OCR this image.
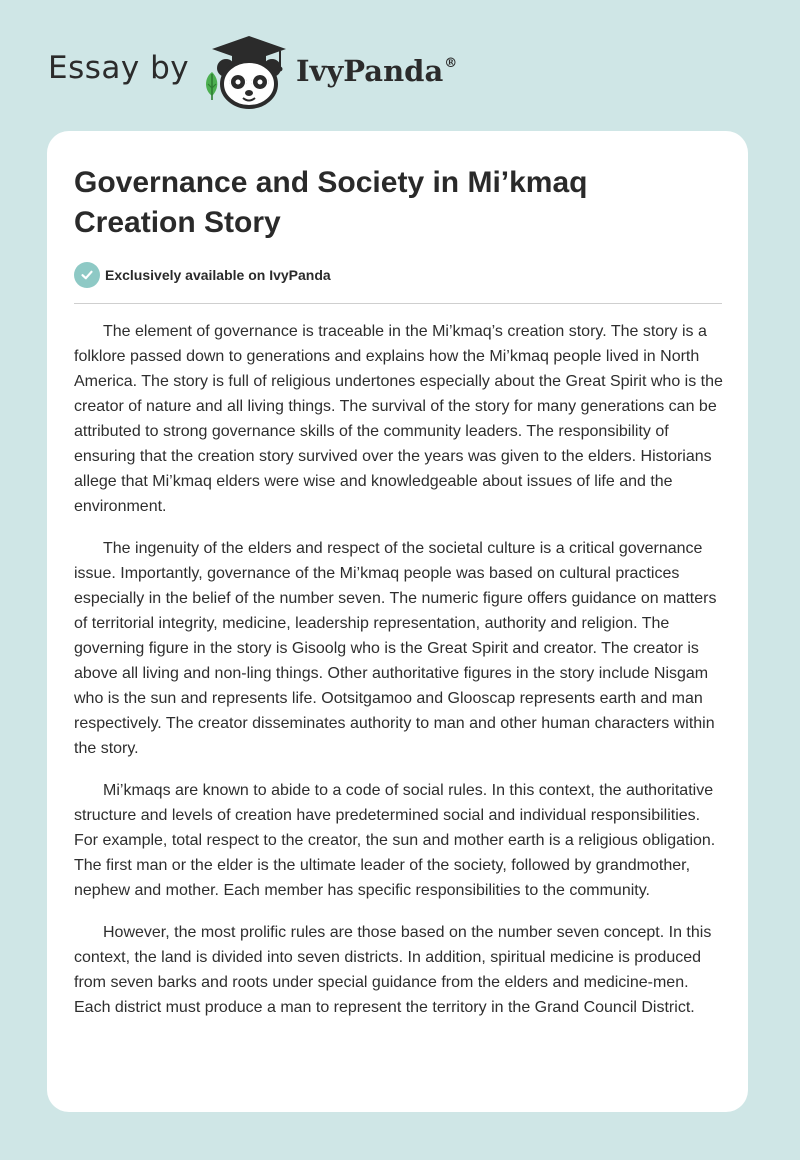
Essay by	IvyPanda®
Governance and Society in Mi’kmaq Creation Story
Exclusively available on IvyPanda

The element of governance is traceable in the Mi’kmaq’s creation story. The story is a folklore passed down to generations and explains how the Mi’kmaq people lived in North America. The story is full of religious undertones especially about the Great Spirit who is the creator of nature and all living things. The survival of the story for many generations can be attributed to strong governance skills of the community leaders. The responsibility of ensuring that the creation story survived over the years was given to the elders. Historians allege that Mi’kmaq elders were wise and knowledgeable about issues of life and the environment.

The ingenuity of the elders and respect of the societal culture is a critical governance issue. Importantly, governance of the Mi’kmaq people was based on cultural practices especially in the belief of the number seven. The numeric figure offers guidance on matters of territorial integrity, medicine, leadership representation, authority and religion. The governing figure in the story is Gisoolg who is the Great Spirit and creator. The creator is above all living and non-ling things. Other authoritative figures in the story include Nisgam who is the sun and represents life. Ootsitgamoo and Glooscap represents earth and man respectively. The creator disseminates authority to man and other human characters within the story.

Mi’kmaqs are known to abide to a code of social rules. In this context, the authoritative structure and levels of creation have predetermined social and individual responsibilities. For example, total respect to the creator, the sun and mother earth is a religious obligation. The first man or the elder is the ultimate leader of the society, followed by grandmother, nephew and mother. Each member has specific responsibilities to the community.

However, the most prolific rules are those based on the number seven concept. In this context, the land is divided into seven districts. In addition, spiritual medicine is produced from seven barks and roots under special guidance from the elders and medicine-men. Each district must produce a man to represent the territory in the Grand Council District.
